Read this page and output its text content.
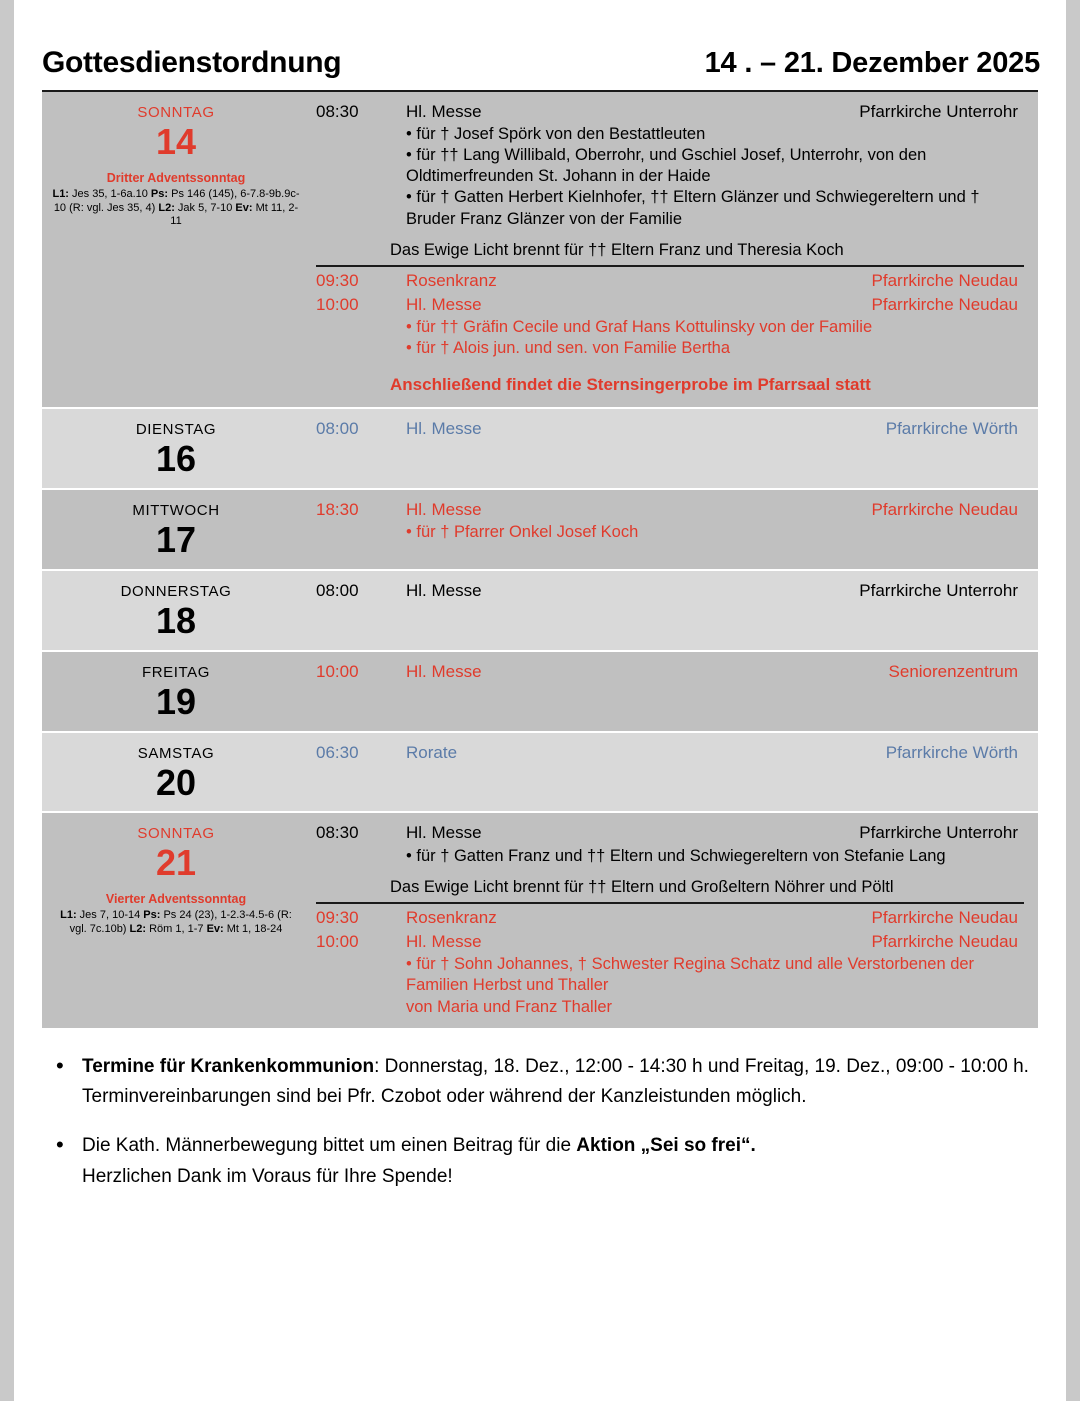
Gottesdienstordnung	14 . – 21. Dezember 2025
SONNTAG
14
Dritter Adventssonntag
L1: Jes 35, 1-6a.10 Ps: Ps 146 (145), 6-7.8-9b.9c-10 (R: vgl. Jes 35, 4) L2: Jak 5, 7-10 Ev: Mt 11, 2-11
08:30	Hl. Messe	Pfarrkirche Unterrohr
• für † Josef Spörk von den Bestattleuten
• für †† Lang Willibald, Oberrohr, und Gschiel Josef, Unterrohr, von den Oldtimerfreunden St. Johann in der Haide
• für † Gatten Herbert Kielnhofer, †† Eltern Glänzer und Schwiegereltern und † Bruder Franz Glänzer von der Familie
Das Ewige Licht brennt für †† Eltern Franz und Theresia Koch
09:30	Rosenkranz	Pfarrkirche Neudau
10:00	Hl. Messe	Pfarrkirche Neudau
• für †† Gräfin Cecile und Graf Hans Kottulinsky von der Familie
• für † Alois jun. und sen. von Familie Bertha
Anschließend findet die Sternsingerprobe im Pfarrsaal statt
DIENSTAG
16
08:00	Hl. Messe	Pfarrkirche Wörth
MITTWOCH
17
18:30	Hl. Messe	Pfarrkirche Neudau
• für † Pfarrer Onkel Josef Koch
DONNERSTAG
18
08:00	Hl. Messe	Pfarrkirche Unterrohr
FREITAG
19
10:00	Hl. Messe	Seniorenzentrum
SAMSTAG
20
06:30	Rorate	Pfarrkirche Wörth
SONNTAG
21
Vierter Adventssonntag
L1: Jes 7, 10-14 Ps: Ps 24 (23), 1-2.3-4.5-6 (R: vgl. 7c.10b) L2: Röm 1, 1-7 Ev: Mt 1, 18-24
08:30	Hl. Messe	Pfarrkirche Unterrohr
• für † Gatten Franz und †† Eltern und Schwiegereltern von Stefanie Lang
Das Ewige Licht brennt für †† Eltern und Großeltern Nöhrer und Pöltl
09:30	Rosenkranz	Pfarrkirche Neudau
10:00	Hl. Messe	Pfarrkirche Neudau
• für † Sohn Johannes, † Schwester Regina Schatz und alle Verstorbenen der Familien Herbst und Thaller
von Maria und Franz Thaller
• Termine für Krankenkommunion: Donnerstag, 18. Dez., 12:00 - 14:30 h und Freitag, 19. Dez., 09:00 - 10:00 h. Terminvereinbarungen sind bei Pfr. Czobot oder während der Kanzleistunden möglich.
• Die Kath. Männerbewegung bittet um einen Beitrag für die Aktion „Sei so frei“.
Herzlichen Dank im Voraus für Ihre Spende!
